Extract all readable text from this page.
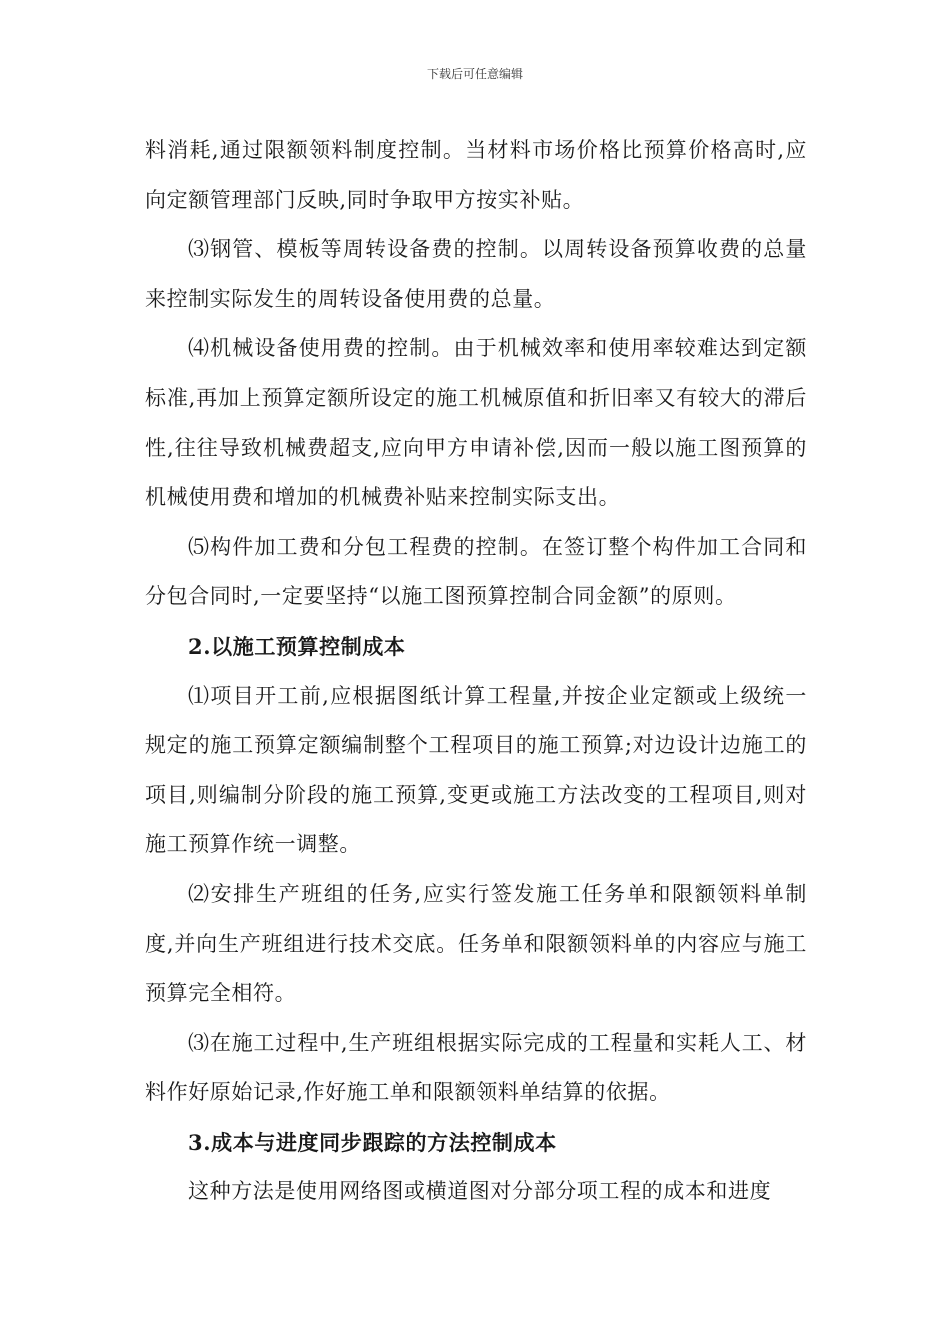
下载后可任意编辑

料消耗,通过限额领料制度控制。当材料市场价格比预算价格高时,应向定额管理部门反映,同时争取甲方按实补贴。

⑶钢管、模板等周转设备费的控制。以周转设备预算收费的总量来控制实际发生的周转设备使用费的总量。

⑷机械设备使用费的控制。由于机械效率和使用率较难达到定额标准,再加上预算定额所设定的施工机械原值和折旧率又有较大的滞后性,往往导致机械费超支,应向甲方申请补偿,因而一般以施工图预算的机械使用费和增加的机械费补贴来控制实际支出。

⑸构件加工费和分包工程费的控制。在签订整个构件加工合同和分包合同时,一定要坚持“以施工图预算控制合同金额”的原则。

2.以施工预算控制成本

⑴项目开工前,应根据图纸计算工程量,并按企业定额或上级统一规定的施工预算定额编制整个工程项目的施工预算;对边设计边施工的项目,则编制分阶段的施工预算,变更或施工方法改变的工程项目,则对施工预算作统一调整。

⑵安排生产班组的任务,应实行签发施工任务单和限额领料单制度,并向生产班组进行技术交底。任务单和限额领料单的内容应与施工预算完全相符。

⑶在施工过程中,生产班组根据实际完成的工程量和实耗人工、材料作好原始记录,作好施工单和限额领料单结算的依据。

3.成本与进度同步跟踪的方法控制成本

这种方法是使用网络图或横道图对分部分项工程的成本和进度
